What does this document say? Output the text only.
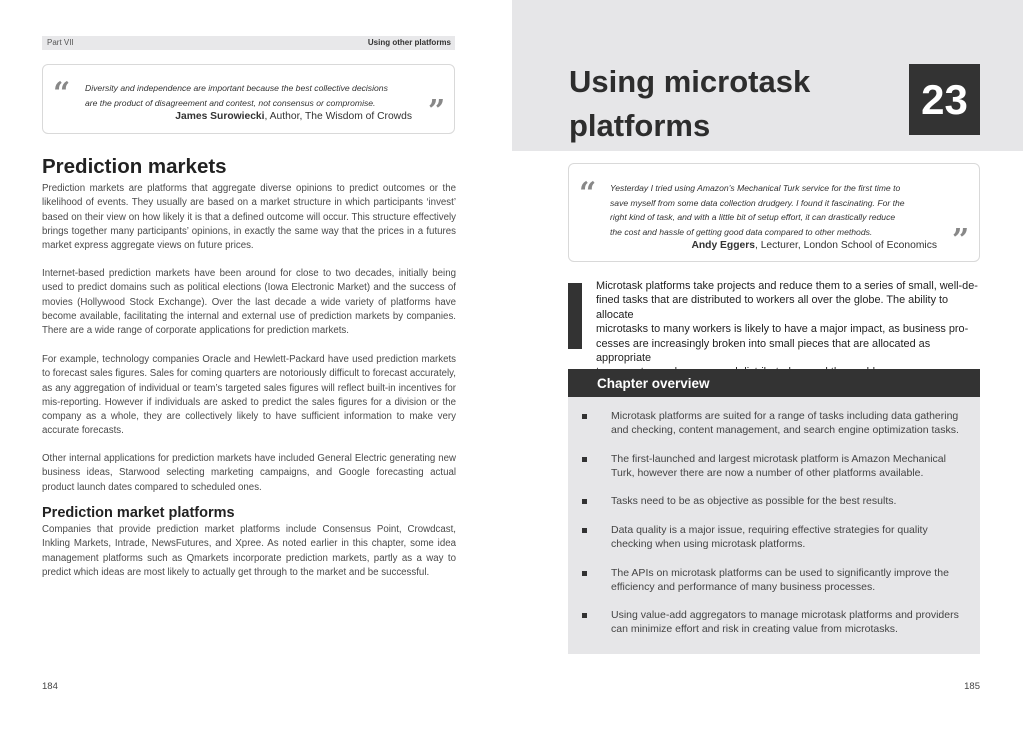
Part VII	Using other platforms
“ Diversity and independence are important because the best collective decisions
are the product of disagreement and contest, not consensus or compromise.	”
James Surowiecki, Author, The Wisdom of Crowds
Prediction markets

Prediction markets are platforms that aggregate diverse opinions to predict outcomes or the likelihood of events. They usually are based on a market structure in which participants ‘invest’ based on their view on how likely it is that a defined outcome will occur. This structure effectively brings together many participants’ opinions, in exactly the same way that the prices in a futures market express aggregate views on future prices.

Internet-based prediction markets have been around for close to two decades, initially being used to predict domains such as political elections (Iowa Electronic Market) and the success of movies (Hollywood Stock Exchange). Over the last decade a wide variety of platforms have become available, facilitating the internal and external use of prediction markets by companies. There are a wide range of corporate applications for prediction markets.

For example, technology companies Oracle and Hewlett-Packard have used prediction markets to forecast sales figures. Sales for coming quarters are notoriously difficult to forecast accurately, as any aggregation of individual or team’s targeted sales figures will reflect built-in incentives for mis-reporting. However if individuals are asked to predict the sales figures for a division or the company as a whole, they are collectively likely to have sufficient information to make very accurate forecasts.

Other internal applications for prediction markets have included General Electric generating new business ideas, Starwood selecting marketing campaigns, and Google forecasting actual product launch dates compared to scheduled ones.

Prediction market platforms

Companies that provide prediction market platforms include Consensus Point, Crowdcast, Inkling Markets, Intrade, NewsFutures, and Xpree. As noted earlier in this chapter, some idea management platforms such as Qmarkets incorporate prediction markets, partly as a way to predict which ideas are most likely to actually get through to the market and be successful.

184
Using microtask
platforms
23
“ Yesterday I tried using Amazon’s Mechanical Turk service for the first time to
save myself from some data collection drudgery. I found it fascinating. For the
right kind of task, and with a little bit of setup effort, it can drastically reduce
the cost and hassle of getting good data compared to other methods.	”
Andy Eggers, Lecturer, London School of Economics
Microtask platforms take projects and reduce them to a series of small, well-de-
fined tasks that are distributed to workers all over the globe. The ability to allocate
microtasks to many workers is likely to have a major impact, as business pro-
cesses are increasingly broken into small pieces that are allocated as appropriate
Chapter overview
Microtask platforms are suited for a range of tasks including data gathering and checking, content management, and search engine optimization tasks.
The first-launched and largest microtask platform is Amazon Mechanical Turk, however there are now a number of other platforms available.
Tasks need to be as objective as possible for the best results.
Data quality is a major issue, requiring effective strategies for quality checking when using microtask platforms.
The APIs on microtask platforms can be used to significantly improve the efficiency and performance of many business processes.
Using value-add aggregators to manage microtask platforms and providers can minimize effort and risk in creating value from microtasks.
185
